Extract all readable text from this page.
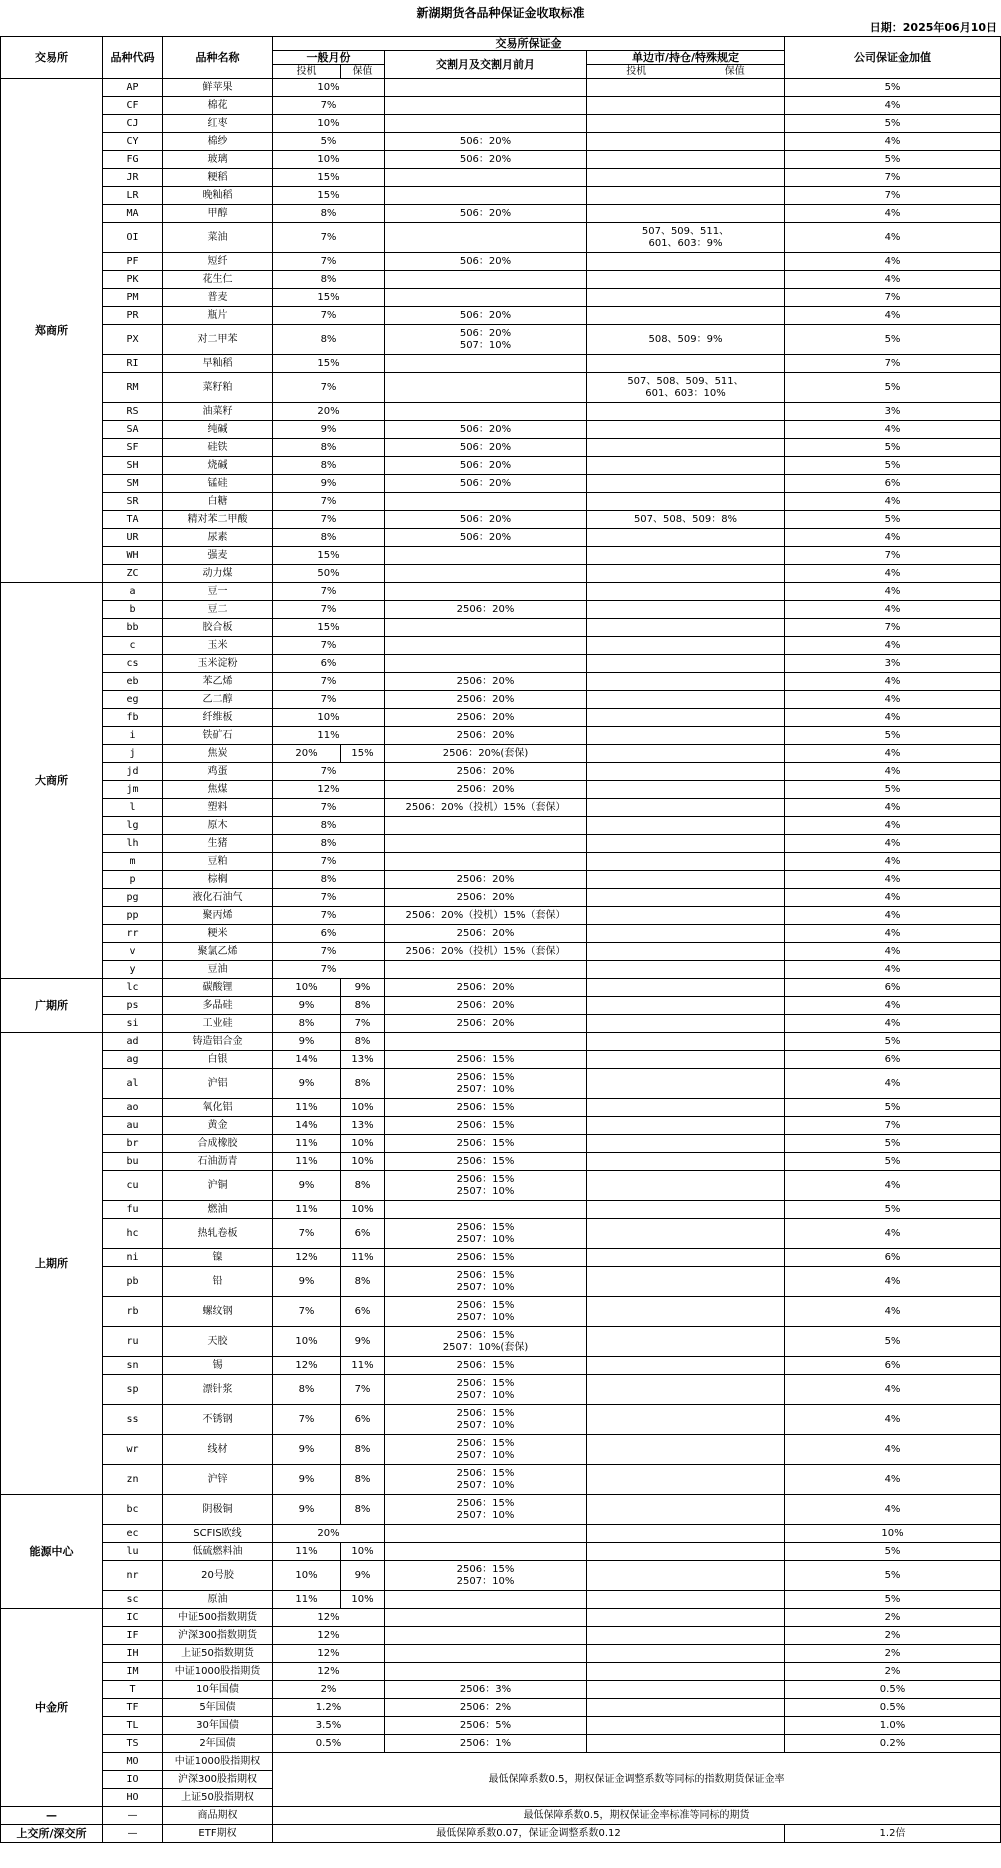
新湖期货各品种保证金收取标准
日期：2025年06月10日
交易所	品种代码	品种名称	交易所保证金				公司保证金加值
			一般月份		交割月及交割月前月	单边市/持仓/特殊规定	
			投机	保值		投机 保值	

郑商所	AP	鲜苹果	10%				5%
	CF	棉花	7%				4%
	CJ	红枣	10%				5%
	CY	棉纱	5%		506：20%		4%
	FG	玻璃	10%		506：20%		5%
	JR	粳稻	15%				7%
	LR	晚籼稻	15%				7%
	MA	甲醇	8%		506：20%		4%
	OI	菜油	7%			507、509、511、
601、603：9%	4%
	PF	短纤	7%		506：20%		4%
	PK	花生仁	8%				4%
	PM	普麦	15%				7%
	PR	瓶片	7%		506：20%		4%
	PX	对二甲苯	8%		506：20%
507：10%	508、509：9%	5%
	RI	早籼稻	15%				7%
	RM	菜籽粕	7%			507、508、509、511、
601、603：10%	5%
	RS	油菜籽	20%				3%
	SA	纯碱	9%		506：20%		4%
	SF	硅铁	8%		506：20%		5%
	SH	烧碱	8%		506：20%		5%
	SM	锰硅	9%		506：20%		6%
	SR	白糖	7%				4%
	TA	精对苯二甲酸	7%		506：20%	507、508、509：8%	5%
	UR	尿素	8%		506：20%		4%
	WH	强麦	15%				7%
	ZC	动力煤	50%				4%
大商所	a	豆一	7%				4%
	b	豆二	7%		2506：20%		4%
	bb	胶合板	15%				7%
	c	玉米	7%				4%
	cs	玉米淀粉	6%				3%
	eb	苯乙烯	7%		2506：20%		4%
	eg	乙二醇	7%		2506：20%		4%
	fb	纤维板	10%		2506：20%		4%
	i	铁矿石	11%		2506：20%		5%
	j	焦炭	20%	15%	2506：20%(套保)		4%
	jd	鸡蛋	7%		2506：20%		4%
	jm	焦煤	12%		2506：20%		5%
	l	塑料	7%		2506：20%（投机）15%（套保）		4%
	lg	原木	8%				4%
	lh	生猪	8%				4%
	m	豆粕	7%				4%
	p	棕榈	8%		2506：20%		4%
	pg	液化石油气	7%		2506：20%		4%
	pp	聚丙烯	7%		2506：20%（投机）15%（套保）		4%
	rr	粳米	6%		2506：20%		4%
	v	聚氯乙烯	7%		2506：20%（投机）15%（套保）		4%
	y	豆油	7%				4%
广期所	lc	碳酸锂	10%	9%	2506：20%		6%
	ps	多晶硅	9%	8%	2506：20%		4%
	si	工业硅	8%	7%	2506：20%		4%
上期所	ad	铸造铝合金	9%	8%			5%
	ag	白银	14%	13%	2506：15%		6%
	al	沪铝	9%	8%	2506：15%
2507：10%		4%
	ao	氧化铝	11%	10%	2506：15%		5%
	au	黄金	14%	13%	2506：15%		7%
	br	合成橡胶	11%	10%	2506：15%		5%
	bu	石油沥青	11%	10%	2506：15%		5%
	cu	沪铜	9%	8%	2506：15%
2507：10%		4%
	fu	燃油	11%	10%			5%
	hc	热轧卷板	7%	6%	2506：15%
2507：10%		4%
	ni	镍	12%	11%	2506：15%		6%
	pb	铅	9%	8%	2506：15%
2507：10%		4%
	rb	螺纹钢	7%	6%	2506：15%
2507：10%		4%
	ru	天胶	10%	9%	2506：15%
2507：10%(套保)		5%
	sn	锡	12%	11%	2506：15%		6%
	sp	漂针浆	8%	7%	2506：15%
2507：10%		4%
	ss	不锈钢	7%	6%	2506：15%
2507：10%		4%
	wr	线材	9%	8%	2506：15%
2507：10%		4%
	zn	沪锌	9%	8%	2506：15%
2507：10%		4%
能源中心	bc	阴极铜	9%	8%	2506：15%
2507：10%		4%
	ec	SCFIS欧线	20%				10%
	lu	低硫燃料油	11%	10%			5%
	nr	20号胶	10%	9%	2506：15%
2507：10%		5%
	sc	原油	11%	10%			5%
中金所	IC	中证500指数期货	12%				2%
	IF	沪深300指数期货	12%				2%
	IH	上证50指数期货	12%				2%
	IM	中证1000股指期货	12%				2%
	T	10年国债	2%		2506：3%		0.5%
	TF	5年国债	1.2%		2506：2%		0.5%
	TL	30年国债	3.5%		2506：5%		1.0%
	TS	2年国债	0.5%		2506：1%		0.2%
	MO	中证1000股指期权	最低保障系数0.5，期权保证金调整系数等同标的指数期货保证金率				
	IO	沪深300股指期权					
	HO	上证50股指期权					
—	—	商品期权	最低保障系数0.5，期权保证金率标准等同标的期货				
上交所/深交所	—	ETF期权	最低保障系数0.07，保证金调整系数0.12				1.2倍
